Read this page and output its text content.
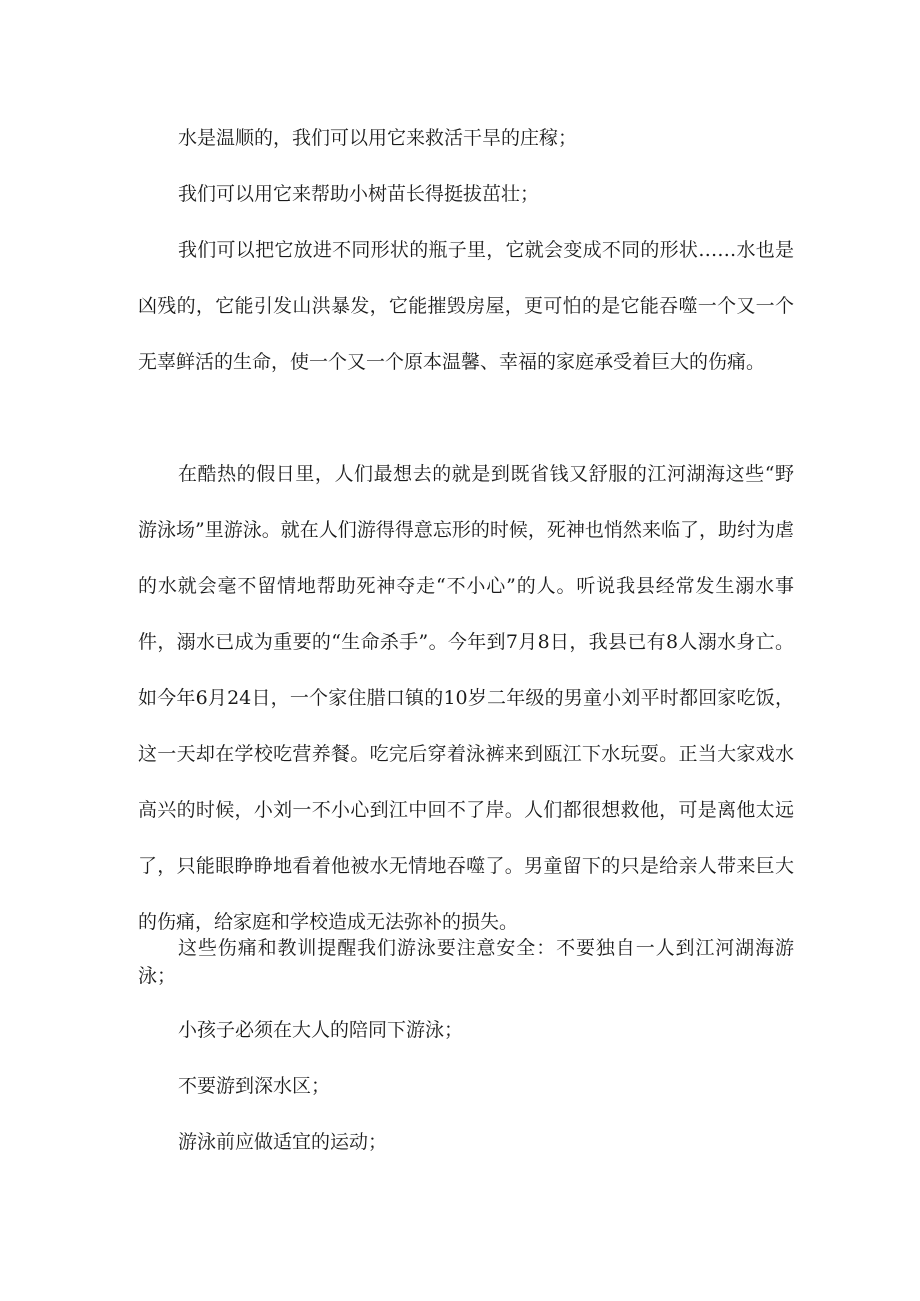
水是温顺的，我们可以用它来救活干旱的庄稼；

我们可以用它来帮助小树苗长得挺拔茁壮；

我们可以把它放进不同形状的瓶子里，它就会变成不同的形状……水也是凶残的，它能引发山洪暴发，它能摧毁房屋，更可怕的是它能吞噬一个又一个无辜鲜活的生命，使一个又一个原本温馨、幸福的家庭承受着巨大的伤痛。

在酷热的假日里，人们最想去的就是到既省钱又舒服的江河湖海这些“野游泳场”里游泳。就在人们游得得意忘形的时候，死神也悄然来临了，助纣为虐的水就会毫不留情地帮助死神夺走“不小心”的人。听说我县经常发生溺水事件，溺水已成为重要的“生命杀手”。今年到7月8日，我县已有8人溺水身亡。如今年6月24日，一个家住腊口镇的10岁二年级的男童小刘平时都回家吃饭，这一天却在学校吃营养餐。吃完后穿着泳裤来到瓯江下水玩耍。正当大家戏水高兴的时候，小刘一不小心到江中回不了岸。人们都很想救他，可是离他太远了，只能眼睁睁地看着他被水无情地吞噬了。男童留下的只是给亲人带来巨大的伤痛，给家庭和学校造成无法弥补的损失。

这些伤痛和教训提醒我们游泳要注意安全：不要独自一人到江河湖海游泳；

小孩子必须在大人的陪同下游泳；

不要游到深水区；

游泳前应做适宜的运动；
